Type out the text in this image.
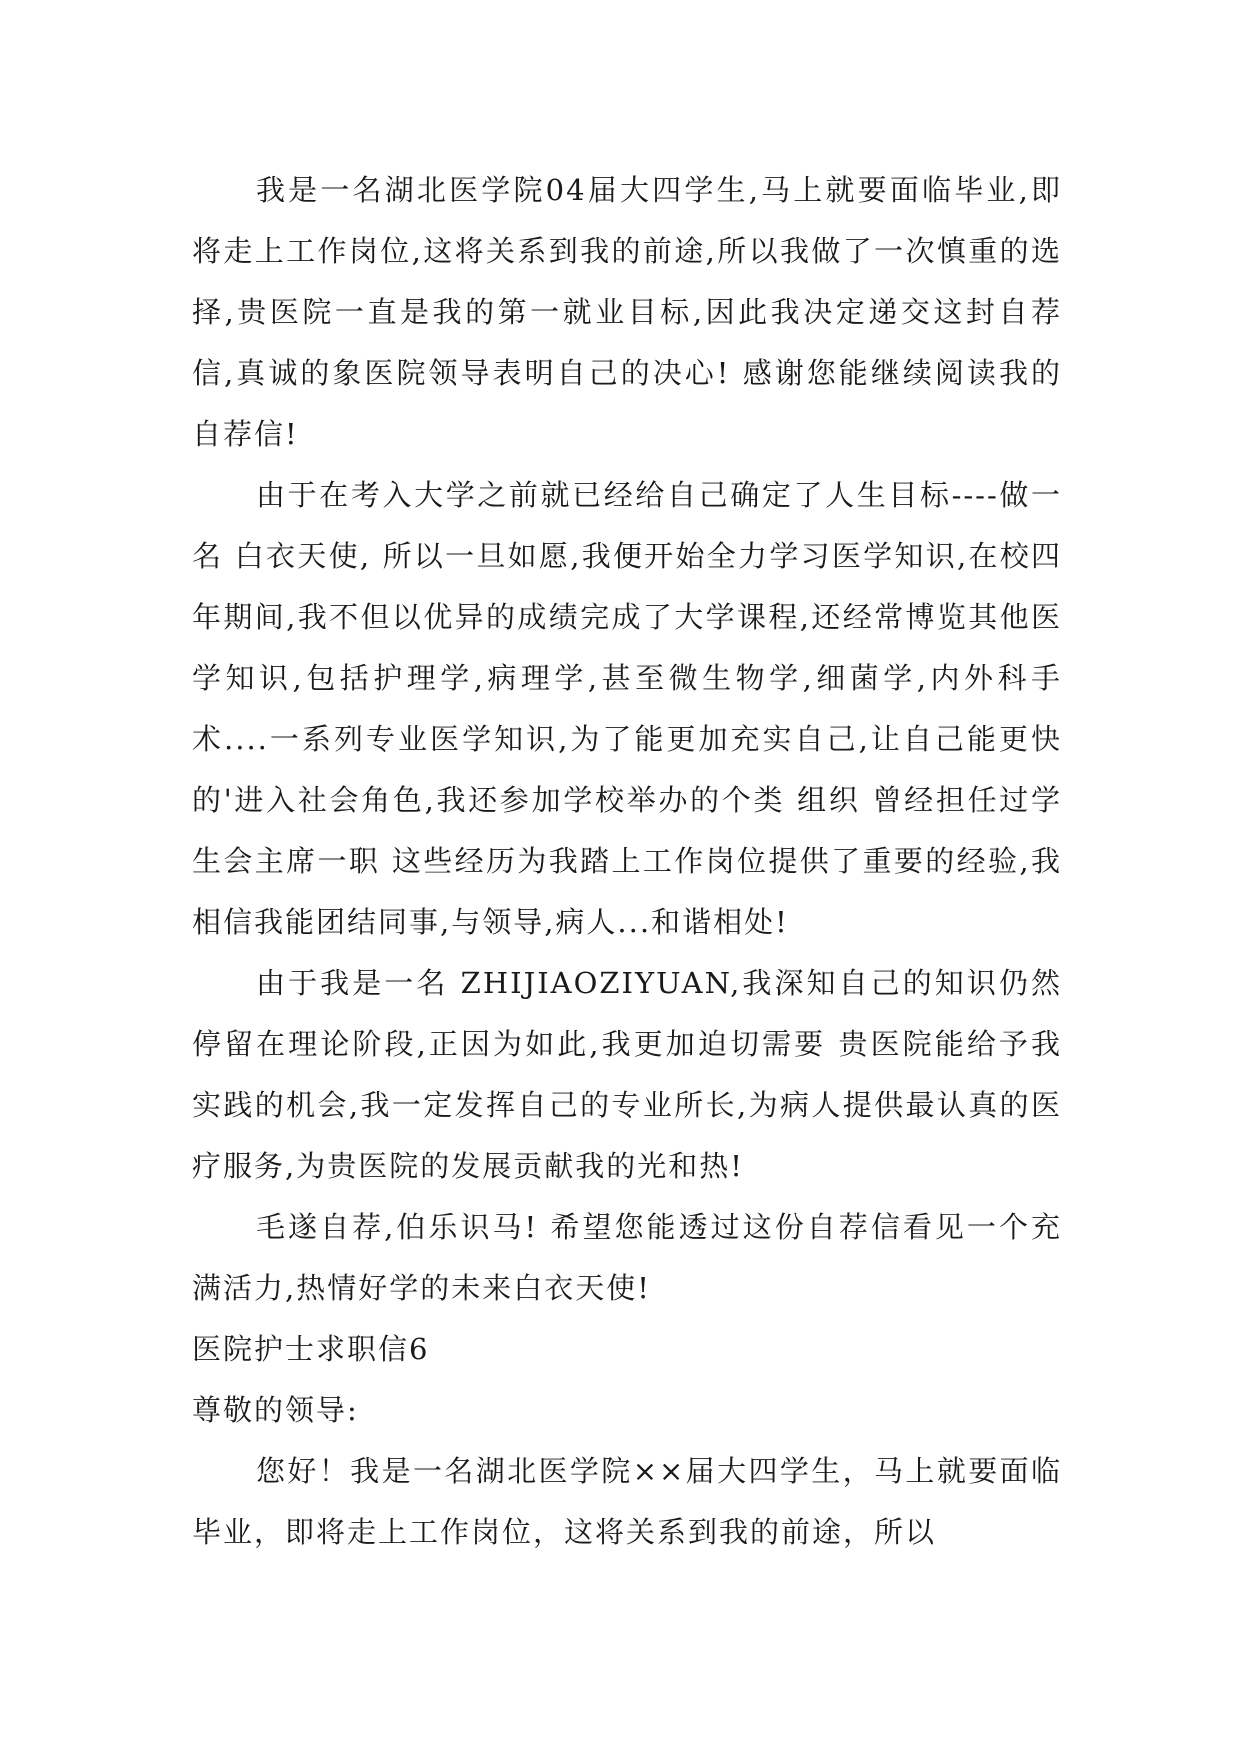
我是一名湖北医学院04届大四学生,马上就要面临毕业,即将走上工作岗位,这将关系到我的前途,所以我做了一次慎重的选择,贵医院一直是我的第一就业目标,因此我决定递交这封自荐信,真诚的象医院领导表明自己的决心! 感谢您能继续阅读我的自荐信!

由于在考入大学之前就已经给自己确定了人生目标----做一名 白衣天使, 所以一旦如愿,我便开始全力学习医学知识,在校四年期间,我不但以优异的成绩完成了大学课程,还经常博览其他医学知识,包括护理学,病理学,甚至微生物学,细菌学,内外科手术....一系列专业医学知识,为了能更加充实自己,让自己能更快的'进入社会角色,我还参加学校举办的个类 组织 曾经担任过学生会主席一职 这些经历为我踏上工作岗位提供了重要的经验,我相信我能团结同事,与领导,病人...和谐相处!

由于我是一名 ZHIJIAOZIYUAN,我深知自己的知识仍然停留在理论阶段,正因为如此,我更加迫切需要 贵医院能给予我实践的机会,我一定发挥自己的专业所长,为病人提供最认真的医疗服务,为贵医院的发展贡献我的光和热!

毛遂自荐,伯乐识马! 希望您能透过这份自荐信看见一个充满活力,热情好学的未来白衣天使!

医院护士求职信6

尊敬的领导:

您好！我是一名湖北医学院××届大四学生，马上就要面临毕业，即将走上工作岗位，这将关系到我的前途，所以
